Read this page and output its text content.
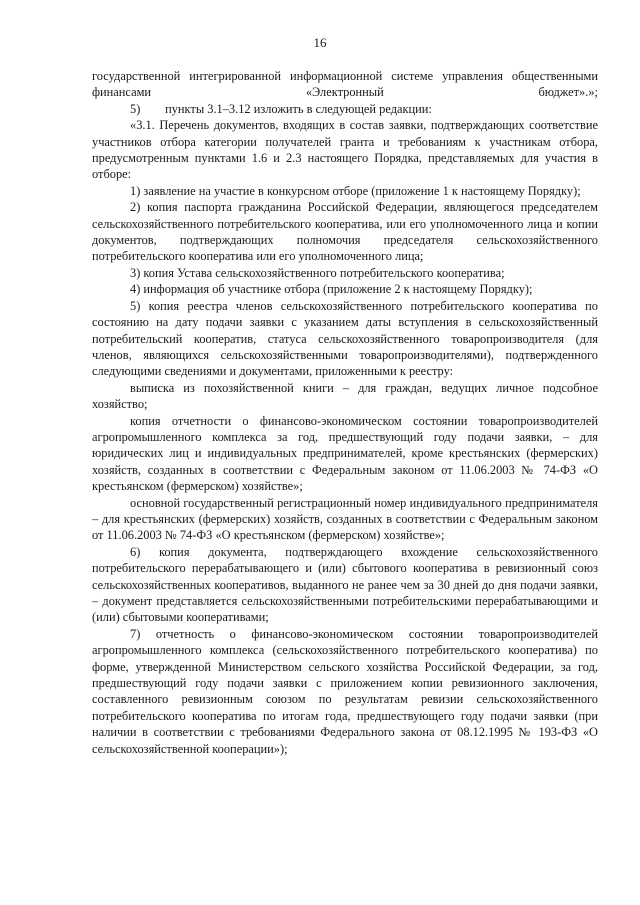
16

государственной интегрированной информационной системе управления общественными финансами «Электронный бюджет».»;

5)        пункты 3.1–3.12 изложить в следующей редакции:

«3.1. Перечень документов, входящих в состав заявки, подтверждающих соответствие участников отбора категории получателей гранта и требованиям к участникам отбора, предусмотренным пунктами 1.6 и 2.3 настоящего Порядка, представляемых для участия в отборе:

1) заявление на участие в конкурсном отборе (приложение 1 к настоящему Порядку);

2) копия паспорта гражданина Российской Федерации, являющегося председателем сельскохозяйственного потребительского кооператива, или его уполномоченного лица и копии документов, подтверждающих полномочия председателя сельскохозяйственного потребительского кооператива или его уполномоченного лица;

3) копия Устава сельскохозяйственного потребительского кооператива;

4) информация об участнике отбора (приложение 2 к настоящему Порядку);

5) копия реестра членов сельскохозяйственного потребительского кооператива по состоянию на дату подачи заявки с указанием даты вступления в сельскохозяйственный потребительский кооператив, статуса сельскохозяйственного товаропроизводителя (для членов, являющихся сельскохозяйственными товаропроизводителями), подтвержденного следующими сведениями и документами, приложенными к реестру:

выписка из похозяйственной книги – для граждан, ведущих личное подсобное хозяйство;

копия отчетности о финансово-экономическом состоянии товаропроизводителей агропромышленного комплекса за год, предшествующий году подачи заявки, – для юридических лиц и индивидуальных предпринимателей, кроме крестьянских (фермерских) хозяйств, созданных в соответствии с Федеральным законом от 11.06.2003 № 74-ФЗ «О крестьянском (фермерском) хозяйстве»;

основной государственный регистрационный номер индивидуального предпринимателя – для крестьянских (фермерских) хозяйств, созданных в соответствии с Федеральным законом от 11.06.2003 № 74-ФЗ «О крестьянском (фермерском) хозяйстве»;

6) копия документа, подтверждающего вхождение сельскохозяйственного потребительского перерабатывающего и (или) сбытового кооператива в ревизионный союз сельскохозяйственных кооперативов, выданного не ранее чем за 30 дней до дня подачи заявки, – документ представляется сельскохозяйственными потребительскими перерабатывающими и (или) сбытовыми кооперативами;

7) отчетность о финансово-экономическом состоянии товаропроизводителей агропромышленного комплекса (сельскохозяйственного потребительского кооператива) по форме, утвержденной Министерством сельского хозяйства Российской Федерации, за год, предшествующий году подачи заявки с приложением копии ревизионного заключения, составленного ревизионным союзом по результатам ревизии сельскохозяйственного потребительского кооператива по итогам года, предшествующего году подачи заявки (при наличии в соответствии с требованиями Федерального закона от 08.12.1995 № 193-ФЗ «О сельскохозяйственной кооперации»);
